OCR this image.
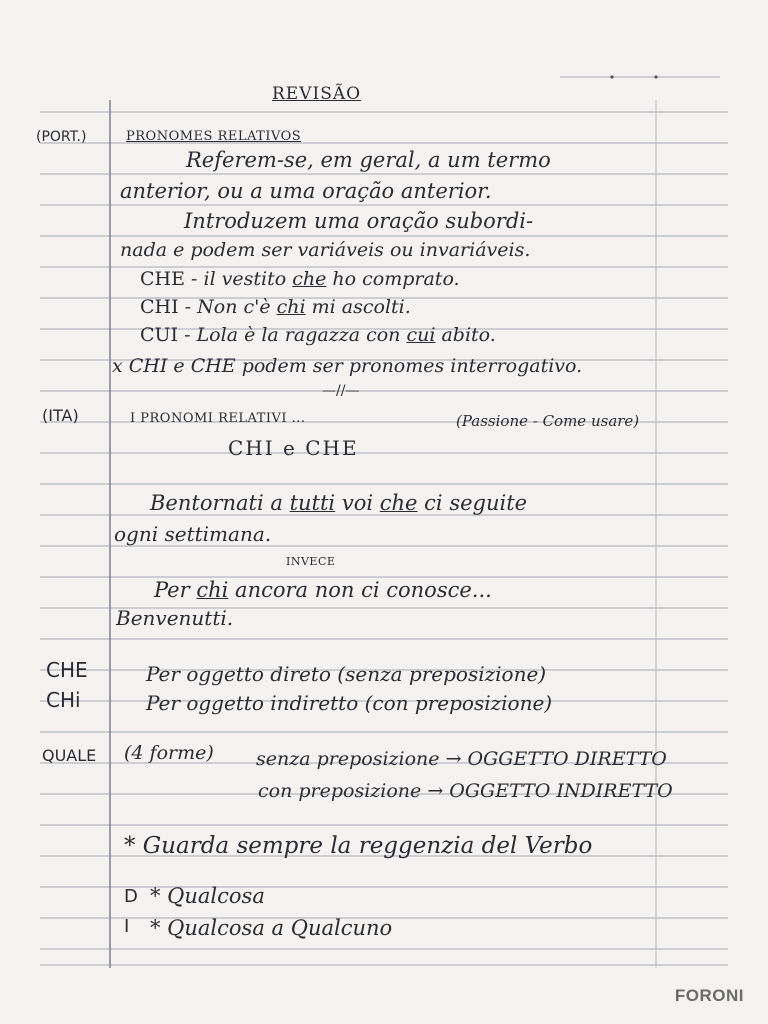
REVISÃO
(PORT.)	PRONOMES RELATIVOS
Referem-se, em geral, a um termo
anterior, ou a uma oração anterior.
Introduzem uma oração subordi-
nada e podem ser variáveis ou invariáveis.
CHE - il vestito che ho comprato.
CHI - Non c'è chi mi ascolti.
CUI - Lola è la ragazza con cui abito.
x CHI e CHE podem ser pronomes interrogativo.
—//—
(ITA)	I PRONOMI RELATIVI ...	(Passione - Come usare)
CHI e CHE
Bentornati a tutti voi che ci seguite
ogni settimana.
INVECE
Per chi ancora non ci conosce...
Benvenutti.
CHE	Per oggetto direto (senza preposizione)
CHi	Per oggetto indiretto (con preposizione)
QUALE (4 forme) senza preposizione → OGGETTO DIRETTO
con preposizione → OGGETTO INDIRETTO
* Guarda sempre la reggenzia del Verbo
D * Qualcosa
I * Qualcosa a Qualcuno
FORONI
